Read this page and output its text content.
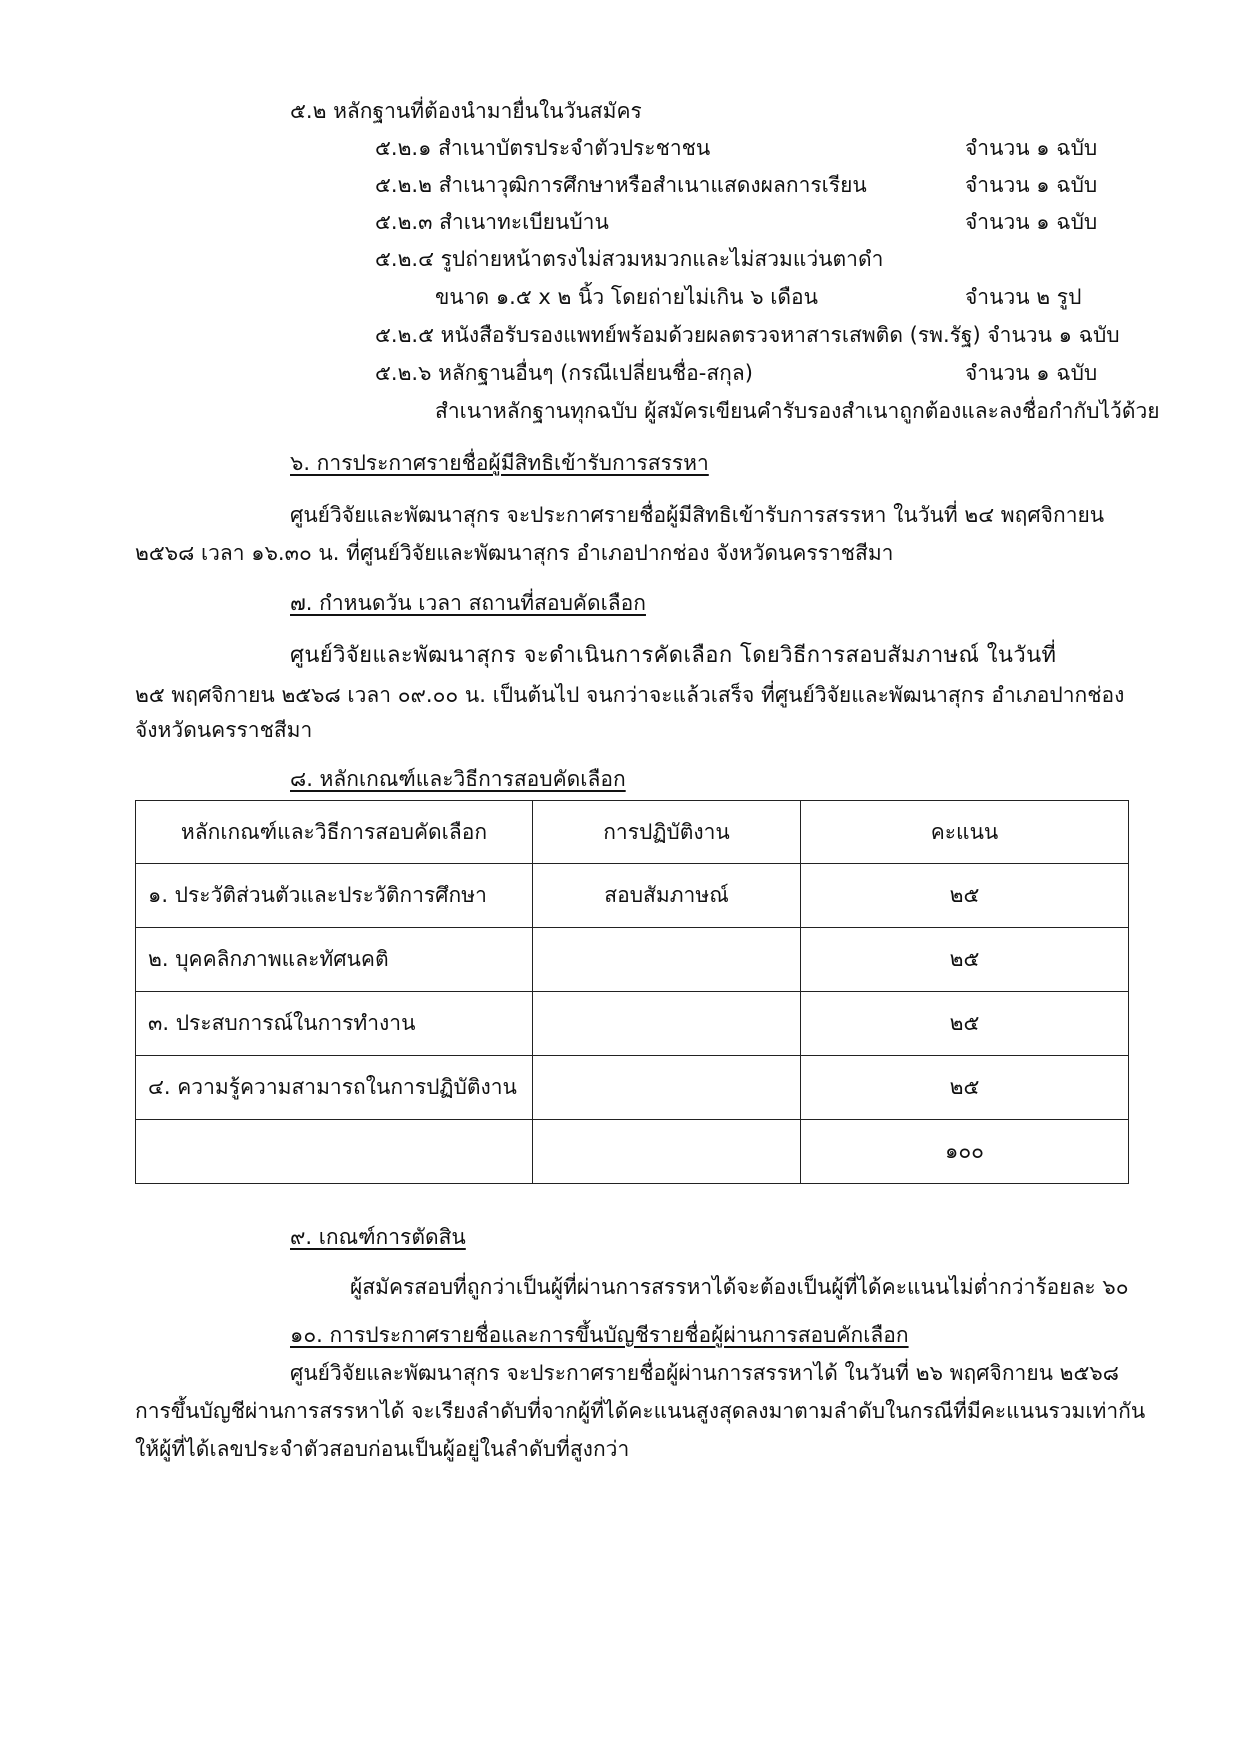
๕.๒ หลักฐานที่ต้องนำมายื่นในวันสมัคร
๕.๒.๑ สำเนาบัตรประจำตัวประชาชน	จำนวน ๑ ฉบับ
๕.๒.๒ สำเนาวุฒิการศึกษาหรือสำเนาแสดงผลการเรียน	จำนวน ๑ ฉบับ
๕.๒.๓ สำเนาทะเบียนบ้าน	จำนวน ๑ ฉบับ
๕.๒.๔ รูปถ่ายหน้าตรงไม่สวมหมวกและไม่สวมแว่นตาดำ
ขนาด ๑.๕ x ๒ นิ้ว โดยถ่ายไม่เกิน ๖ เดือน	จำนวน ๒ รูป
๕.๒.๕ หนังสือรับรองแพทย์พร้อมด้วยผลตรวจหาสารเสพติด (รพ.รัฐ) จำนวน ๑ ฉบับ
๕.๒.๖ หลักฐานอื่นๆ (กรณีเปลี่ยนชื่อ-สกุล)	จำนวน ๑ ฉบับ
สำเนาหลักฐานทุกฉบับ ผู้สมัครเขียนคำรับรองสำเนาถูกต้องและลงชื่อกำกับไว้ด้วย
๖. การประกาศรายชื่อผู้มีสิทธิเข้ารับการสรรหา
ศูนย์วิจัยและพัฒนาสุกร จะประกาศรายชื่อผู้มีสิทธิเข้ารับการสรรหา ในวันที่ ๒๔ พฤศจิกายน
๒๕๖๘ เวลา ๑๖.๓๐ น. ที่ศูนย์วิจัยและพัฒนาสุกร อำเภอปากช่อง จังหวัดนครราชสีมา
๗. กำหนดวัน เวลา สถานที่สอบคัดเลือก
ศูนย์วิจัยและพัฒนาสุกร จะดำเนินการคัดเลือก โดยวิธีการสอบสัมภาษณ์ ในวันที่
๒๕ พฤศจิกายน ๒๕๖๘ เวลา ๐๙.๐๐ น. เป็นต้นไป จนกว่าจะแล้วเสร็จ ที่ศูนย์วิจัยและพัฒนาสุกร อำเภอปากช่อง
จังหวัดนครราชสีมา
๘. หลักเกณฑ์และวิธีการสอบคัดเลือก
หลักเกณฑ์และวิธีการสอบคัดเลือก	การปฏิบัติงาน	คะแนน
๑. ประวัติส่วนตัวและประวัติการศึกษา	สอบสัมภาษณ์	๒๕
๒. บุคคลิกภาพและทัศนคติ		๒๕
๓. ประสบการณ์ในการทำงาน		๒๕
๔. ความรู้ความสามารถในการปฏิบัติงาน		๒๕
		๑๐๐
๙. เกณฑ์การตัดสิน
ผู้สมัครสอบที่ถูกว่าเป็นผู้ที่ผ่านการสรรหาได้จะต้องเป็นผู้ที่ได้คะแนนไม่ต่ำกว่าร้อยละ ๖๐
๑๐. การประกาศรายชื่อและการขึ้นบัญชีรายชื่อผู้ผ่านการสอบคักเลือก
ศูนย์วิจัยและพัฒนาสุกร จะประกาศรายชื่อผู้ผ่านการสรรหาได้ ในวันที่ ๒๖ พฤศจิกายน ๒๕๖๘
การขึ้นบัญชีผ่านการสรรหาได้ จะเรียงลำดับที่จากผู้ที่ได้คะแนนสูงสุดลงมาตามลำดับในกรณีที่มีคะแนนรวมเท่ากัน
ให้ผู้ที่ได้เลขประจำตัวสอบก่อนเป็นผู้อยู่ในลำดับที่สูงกว่า
